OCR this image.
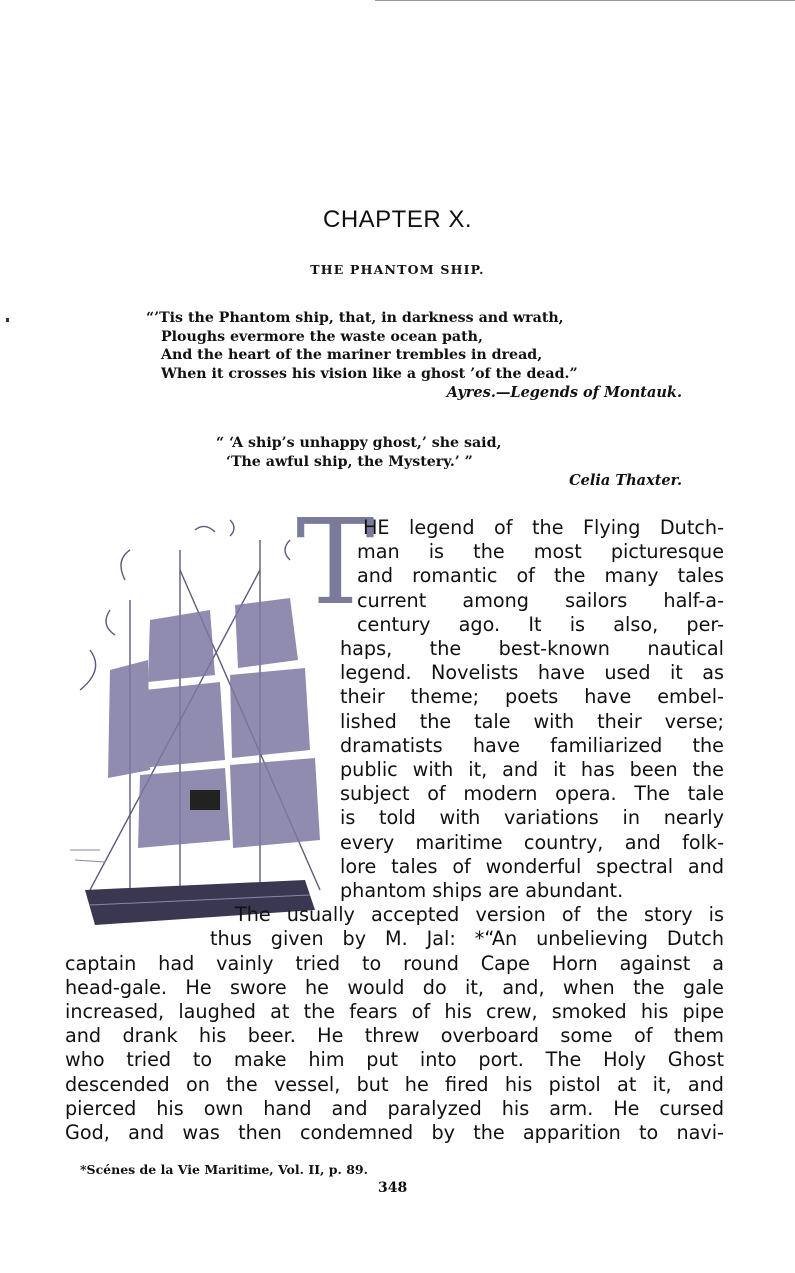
CHAPTER X.
THE PHANTOM SHIP.
“’Tis the Phantom ship, that, in darkness and wrath,
Ploughs evermore the waste ocean path,
And the heart of the mariner trembles in dread,
When it crosses his vision like a ghost ’of the dead.”
Ayres.—Legends of Montauk.
“ ‘A ship’s unhappy ghost,’ she said,
‘The awful ship, the Mystery.’ ”
Celia Thaxter.
T
HE legend of the Flying Dutch-
man is the most picturesque
and romantic of the many tales
current among sailors half-a-
century ago. It is also, per-
haps, the best-known nautical
legend. Novelists have used it as
their theme; poets have embel-
lished the tale with their verse;
dramatists have familiarized the
public with it, and it has been the
subject of modern opera. The tale
is told with variations in nearly
every maritime country, and folk-
lore tales of wonderful spectral and
phantom ships are abundant.
The usually accepted version of the story is
thus given by M. Jal: *“An unbelieving Dutch
captain had vainly tried to round Cape Horn against a
head-gale. He swore he would do it, and, when the gale
increased, laughed at the fears of his crew, smoked his pipe
and drank his beer. He threw overboard some of them
who tried to make him put into port. The Holy Ghost
descended on the vessel, but he fired his pistol at it, and
pierced his own hand and paralyzed his arm. He cursed
God, and was then condemned by the apparition to navi-
*Scénes de la Vie Maritime, Vol. II, p. 89.
348
